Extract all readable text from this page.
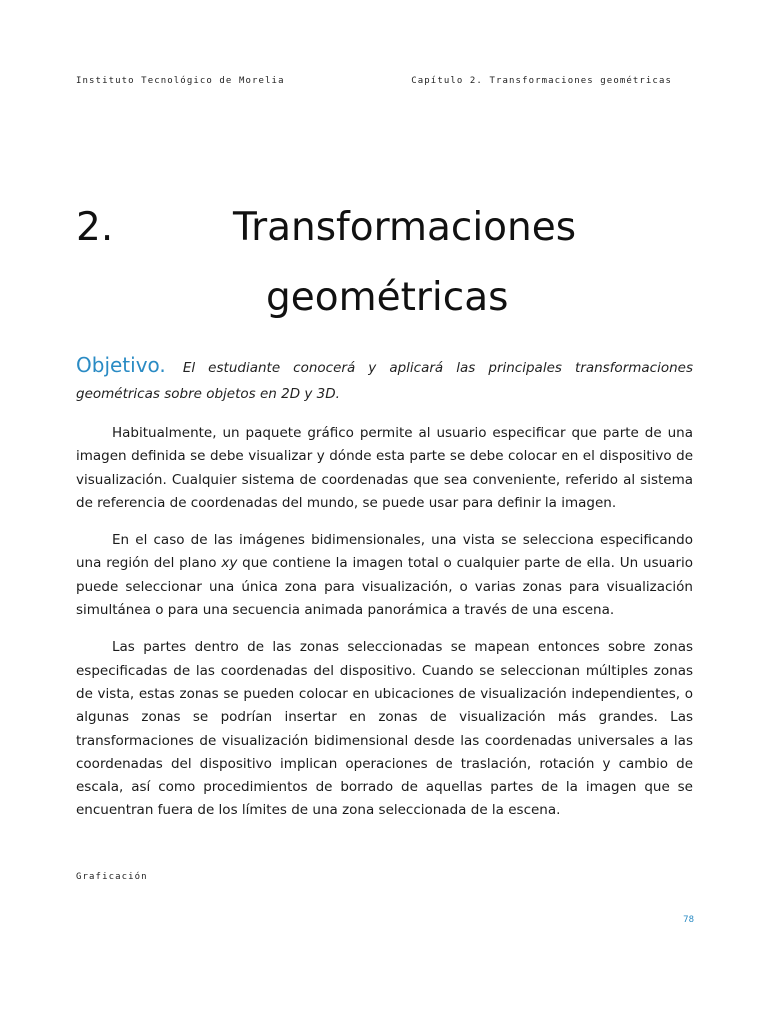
Instituto Tecnológico de Morelia	Capítulo 2. Transformaciones geométricas
2.	Transformaciones
geométricas
Objetivo. El estudiante conocerá y aplicará las principales transformaciones geométricas sobre objetos en 2D y 3D.

Habitualmente, un paquete gráfico permite al usuario especificar que parte de una imagen definida se debe visualizar y dónde esta parte se debe colocar en el dispositivo de visualización. Cualquier sistema de coordenadas que sea conveniente, referido al sistema de referencia de coordenadas del mundo, se puede usar para definir la imagen.

En el caso de las imágenes bidimensionales, una vista se selecciona especificando una región del plano xy que contiene la imagen total o cualquier parte de ella. Un usuario puede seleccionar una única zona para visualización, o varias zonas para visualización simultánea o para una secuencia animada panorámica a través de una escena.

Las partes dentro de las zonas seleccionadas se mapean entonces sobre zonas especificadas de las coordenadas del dispositivo. Cuando se seleccionan múltiples zonas de vista, estas zonas se pueden colocar en ubicaciones de visualización independientes, o algunas zonas se podrían insertar en zonas de visualización más grandes. Las transformaciones de visualización bidimensional desde las coordenadas universales a las coordenadas del dispositivo implican operaciones de traslación, rotación y cambio de escala, así como procedimientos de borrado de aquellas partes de la imagen que se encuentran fuera de los límites de una zona seleccionada de la escena.

Graficación
78
